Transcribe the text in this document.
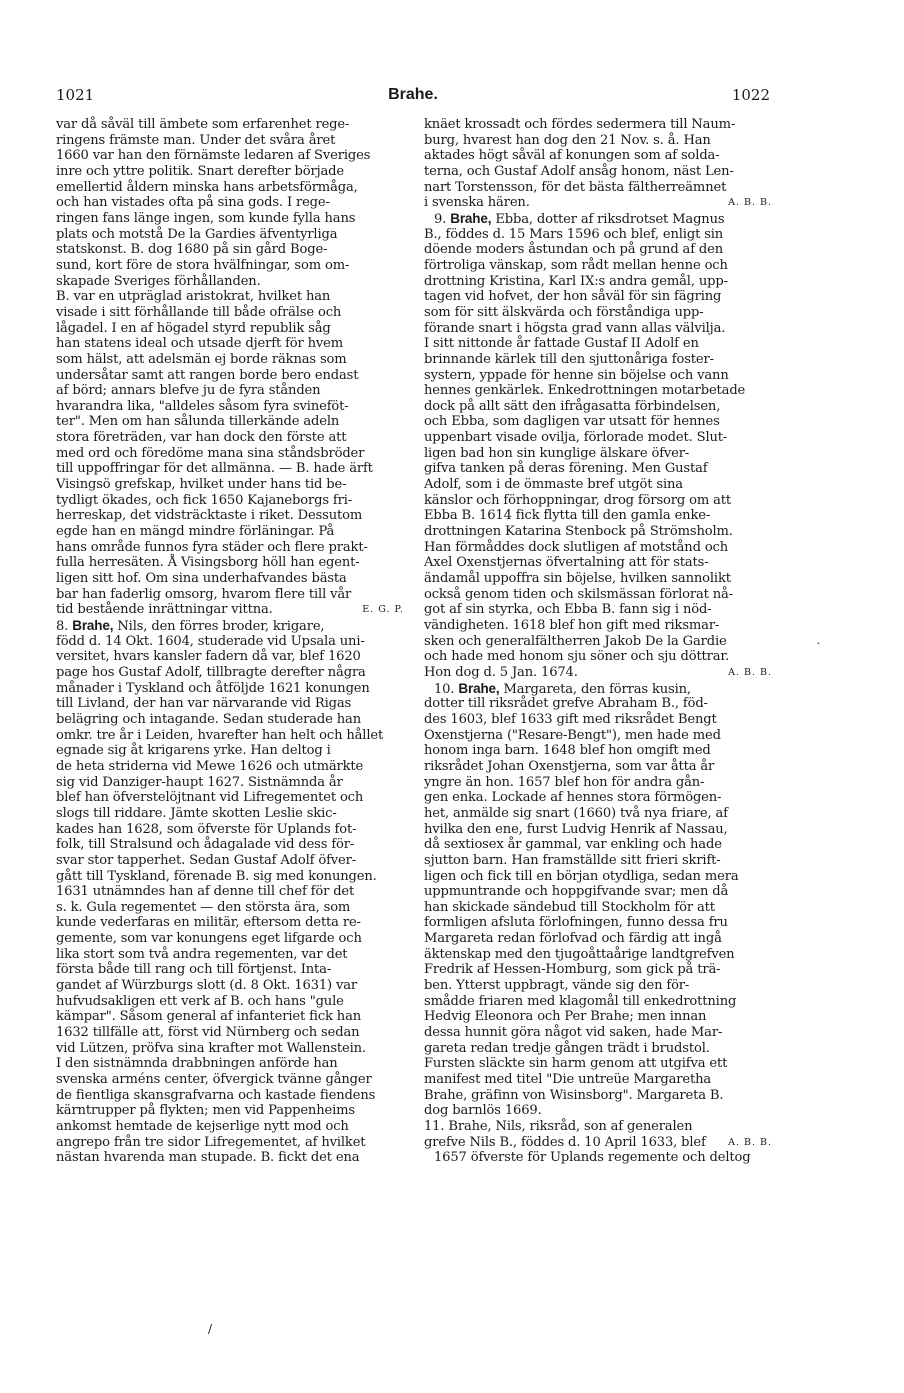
1021	Brahe.	1022
var då såväl till ämbete som erfarenhet rege-
ringens främste man. Under det svåra året
1660 var han den förnämste ledaren af Sveriges
inre och yttre politik. Snart derefter började
emellertid åldern minska hans arbetsförmåga,
och han vistades ofta på sina gods. I rege-
ringen fans länge ingen, som kunde fylla hans
plats och motstå De la Gardies äfventyrliga
statskonst. B. dog 1680 på sin gård Boge-
sund, kort före de stora hvälfningar, som om-
skapade Sveriges förhållanden.
B. var en utpräglad aristokrat, hvilket han
visade i sitt förhållande till både ofrälse och
lågadel. I en af högadel styrd republik såg
han statens ideal och utsade djerft för hvem
som hälst, att adelsmän ej borde räknas som
undersåtar samt att rangen borde bero endast
af börd; annars blefve ju de fyra stånden
hvarandra lika, "alldeles såsom fyra svineföt-
ter". Men om han sålunda tillerkände adeln
stora företräden, var han dock den förste att
med ord och föredöme mana sina ståndsbröder
till uppoffringar för det allmänna. — B. hade ärft
Visingsö grefskap, hvilket under hans tid be-
tydligt ökades, och fick 1650 Kajaneborgs fri-
herreskap, det vidsträcktaste i riket. Dessutom
egde han en mängd mindre förläningar. På
hans område funnos fyra städer och flere prakt-
fulla herresäten. Å Visingsborg höll han egent-
ligen sitt hof. Om sina underhafvandes bästa
bar han faderlig omsorg, hvarom flere till vår
tid bestående inrättningar vittna.	E. G. P.
8. Brahe, Nils, den förres broder, krigare,
född d. 14 Okt. 1604, studerade vid Upsala uni-
versitet, hvars kansler fadern då var, blef 1620
page hos Gustaf Adolf, tillbragte derefter några
månader i Tyskland och åtföljde 1621 konungen
till Livland, der han var närvarande vid Rigas
belägring och intagande. Sedan studerade han
omkr. tre år i Leiden, hvarefter han helt och hållet
egnade sig åt krigarens yrke. Han deltog i
de heta striderna vid Mewe 1626 och utmärkte
sig vid Danziger-haupt 1627. Sistnämnda år
blef han öfverstelöjtnant vid Lifregementet och
slogs till riddare. Jämte skotten Leslie skic-
kades han 1628, som öfverste för Uplands fot-
folk, till Stralsund och ådagalade vid dess för-
svar stor tapperhet. Sedan Gustaf Adolf öfver-
gått till Tyskland, förenade B. sig med konungen.
1631 utnämndes han af denne till chef för det
s. k. Gula regementet — den största ära, som
kunde vederfaras en militär, eftersom detta re-
gemente, som var konungens eget lifgarde och
lika stort som två andra regementen, var det
första både till rang och till förtjenst. Inta-
gandet af Würzburgs slott (d. 8 Okt. 1631) var
hufvudsakligen ett verk af B. och hans "gule
kämpar". Såsom general af infanteriet fick han
1632 tillfälle att, först vid Nürnberg och sedan
vid Lützen, pröfva sina krafter mot Wallenstein.
I den sistnämnda drabbningen anförde han
svenska arméns center, öfvergick tvänne gånger
de fientliga skansgrafvarna och kastade fiendens
kärntrupper på flykten; men vid Pappenheims
ankomst hemtade de kejserlige nytt mod och
angrepo från tre sidor Lifregementet, af hvilket
nästan hvarenda man stupade. B. fickt det ena
knäet krossadt och fördes sedermera till Naum-
burg, hvarest han dog den 21 Nov. s. å. Han
aktades högt såväl af konungen som af solda-
terna, och Gustaf Adolf ansåg honom, näst Len-
nart Torstensson, för det bästa fältherreämnet
i svenska hären.	A. B. B.
9. Brahe, Ebba, dotter af riksdrotset Magnus
B., föddes d. 15 Mars 1596 och blef, enligt sin
döende moders åstundan och på grund af den
förtroliga vänskap, som rådt mellan henne och
drottning Kristina, Karl IX:s andra gemål, upp-
tagen vid hofvet, der hon såväl för sin fägring
som för sitt älskvärda och förståndiga upp-
förande snart i högsta grad vann allas välvilja.
I sitt nittonde år fattade Gustaf II Adolf en
brinnande kärlek till den sjuttonåriga foster-
systern, yppade för henne sin böjelse och vann
hennes genkärlek. Enkedrottningen motarbetade
dock på allt sätt den ifrågasatta förbindelsen,
och Ebba, som dagligen var utsatt för hennes
uppenbart visade ovilja, förlorade modet. Slut-
ligen bad hon sin kunglige älskare öfver-
gifva tanken på deras förening. Men Gustaf
Adolf, som i de ömmaste bref utgöt sina
känslor och förhoppningar, drog försorg om att
Ebba B. 1614 fick flytta till den gamla enke-
drottningen Katarina Stenbock på Strömsholm.
Han förmåddes dock slutligen af motstånd och
Axel Oxenstjernas öfvertalning att för stats-
ändamål uppoffra sin böjelse, hvilken sannolikt
också genom tiden och skilsmässan förlorat nå-
got af sin styrka, och Ebba B. fann sig i nöd-
vändigheten. 1618 blef hon gift med riksmar-
sken och generalfältherren Jakob De la Gardie
och hade med honom sju söner och sju döttrar.
Hon dog d. 5 Jan. 1674.	A. B. B.
10. Brahe, Margareta, den förras kusin,
dotter till riksrådet grefve Abraham B., föd-
des 1603, blef 1633 gift med riksrådet Bengt
Oxenstjerna ("Resare-Bengt"), men hade med
honom inga barn. 1648 blef hon omgift med
riksrådet Johan Oxenstjerna, som var åtta år
yngre än hon. 1657 blef hon för andra gån-
gen enka. Lockade af hennes stora förmögen-
het, anmälde sig snart (1660) två nya friare, af
hvilka den ene, furst Ludvig Henrik af Nassau,
då sextiosex år gammal, var enkling och hade
sjutton barn. Han framställde sitt frieri skrift-
ligen och fick till en början otydliga, sedan mera
uppmuntrande och hoppgifvande svar; men då
han skickade sändebud till Stockholm för att
formligen afsluta förlofningen, funno dessa fru
Margareta redan förlofvad och färdig att ingå
äktenskap med den tjugoåttaårige landtgrefven
Fredrik af Hessen-Homburg, som gick på trä-
ben. Ytterst uppbragt, vände sig den för-
smådde friaren med klagomål till enkedrottning
Hedvig Eleonora och Per Brahe; men innan
dessa hunnit göra något vid saken, hade Mar-
gareta redan tredje gången trädt i brudstol.
Fursten släckte sin harm genom att utgifva ett
manifest med titel "Die untreüe Margaretha
Brahe, gräfinn von Wisinsborg". Margareta B.
dog barnlös 1669.
11. Brahe, Nils, riksråd, son af generalen
grefve Nils B., föddes d. 10 April 1633, blef A. B. B.
1657 öfverste för Uplands regemente och deltog
/
˛
